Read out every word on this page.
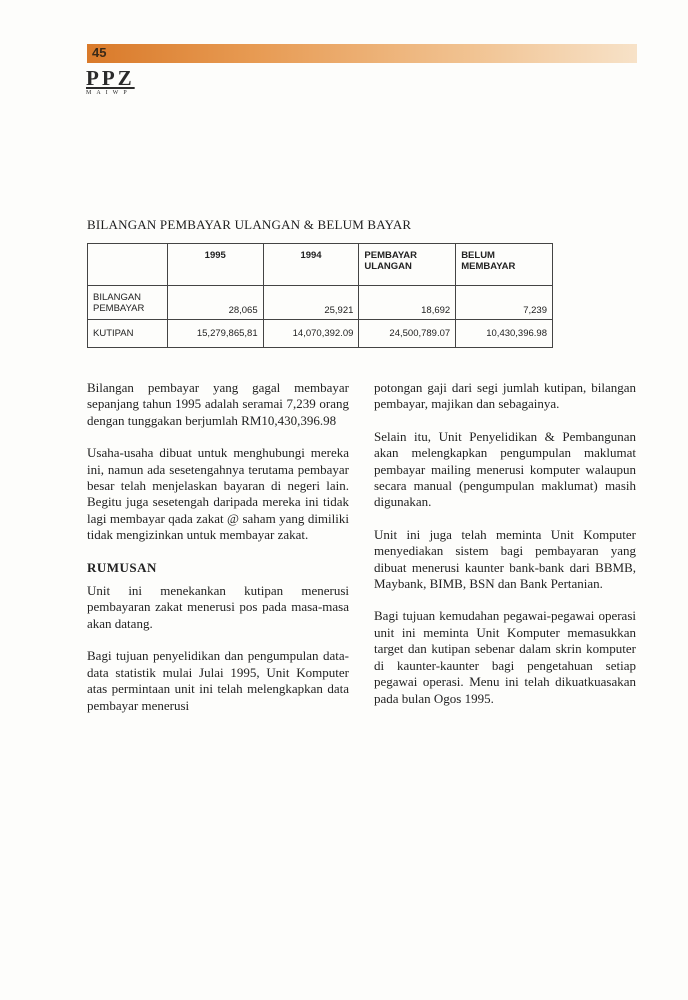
45
PPZ
MAIWP
BILANGAN PEMBAYAR ULANGAN & BELUM BAYAR
	1995	1994	PEMBAYAR ULANGAN	BELUM MEMBAYAR
BILANGAN PEMBAYAR	28,065	25,921	18,692	7,239
KUTIPAN	15,279,865,81	14,070,392.09	24,500,789.07	10,430,396.98

Bilangan pembayar yang gagal membayar sepanjang tahun 1995 adalah seramai 7,239 orang dengan tunggakan berjumlah RM10,430,396.98

Usaha-usaha dibuat untuk menghubungi mereka ini, namun ada sesetengahnya terutama pembayar besar telah menjelaskan bayaran di negeri lain. Begitu juga sesetengah daripada mereka ini tidak lagi membayar qada zakat @ saham yang dimiliki tidak mengizinkan untuk membayar zakat.

RUMUSAN

Unit ini menekankan kutipan menerusi pembayaran zakat menerusi pos pada masa-masa akan datang.

Bagi tujuan penyelidikan dan pengumpulan data-data statistik mulai Julai 1995, Unit Komputer atas permintaan unit ini telah melengkapkan data pembayar menerusi

potongan gaji dari segi jumlah kutipan, bilangan pembayar, majikan dan sebagainya.

Selain itu, Unit Penyelidikan & Pembangunan akan melengkapkan pengumpulan maklumat pembayar mailing menerusi komputer walaupun secara manual (pengumpulan maklumat) masih digunakan.

Unit ini juga telah meminta Unit Komputer menyediakan sistem bagi pembayaran yang dibuat menerusi kaunter bank-bank dari BBMB, Maybank, BIMB, BSN dan Bank Pertanian.

Bagi tujuan kemudahan pegawai-pegawai operasi unit ini meminta Unit Komputer memasukkan target dan kutipan sebenar dalam skrin komputer di kaunter-kaunter bagi pengetahuan setiap pegawai operasi. Menu ini telah dikuatkuasakan pada bulan Ogos 1995.
